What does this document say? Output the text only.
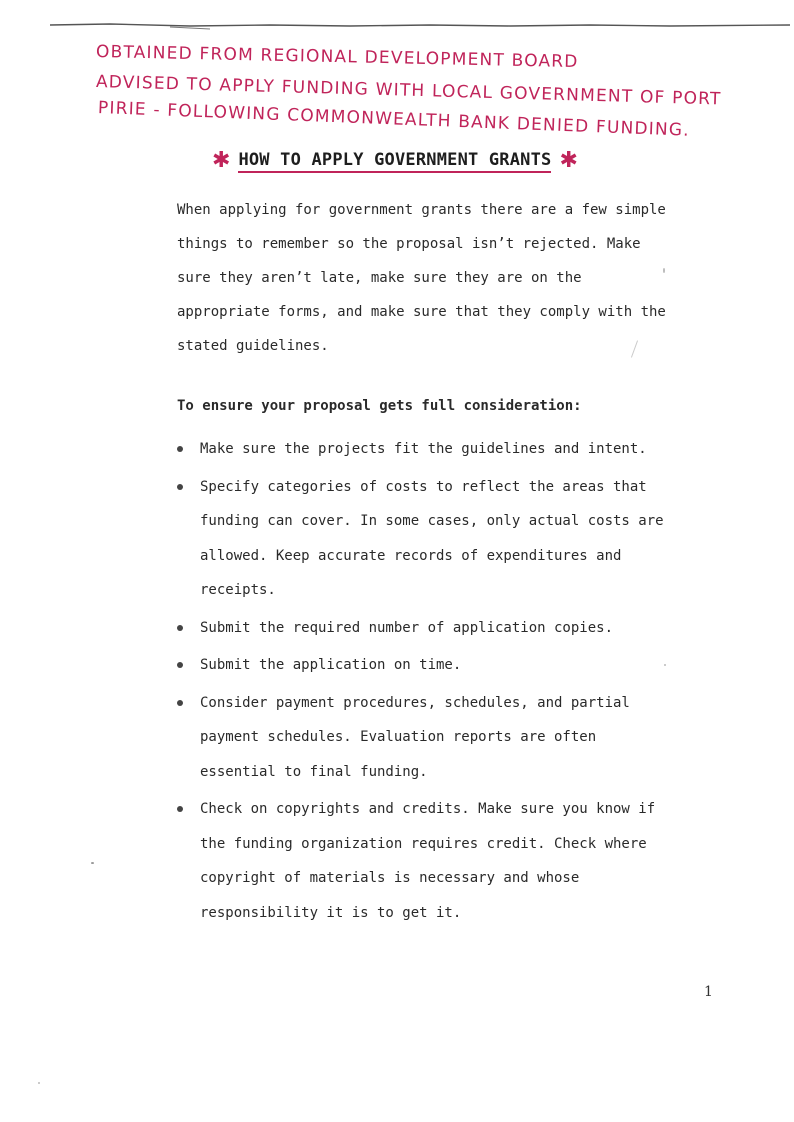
OBTAINED FROM REGIONAL DEVELOPMENT BOARD
ADVISED TO APPLY FUNDING WITH LOCAL GOVERNMENT OF PORT
PIRIE - FOLLOWING COMMONWEALTH BANK DENIED FUNDING.
✱ HOW TO APPLY GOVERNMENT GRANTS ✱

When applying for government grants there are a few simple
things to remember so the proposal isn’t rejected. Make
sure they aren’t late, make sure they are on the
appropriate forms, and make sure that they comply with the
stated guidelines.

To ensure your proposal gets full consideration:

Make sure the projects fit the guidelines and intent.
Specify categories of costs to reflect the areas that
funding can cover. In some cases, only actual costs are
allowed. Keep accurate records of expenditures and
receipts.
Submit the required number of application copies.
Submit the application on time.
Consider payment procedures, schedules, and partial
payment schedules. Evaluation reports are often
essential to final funding.
Check on copyrights and credits. Make sure you know if
the funding organization requires credit. Check where
copyright of materials is necessary and whose
responsibility it is to get it.
1
